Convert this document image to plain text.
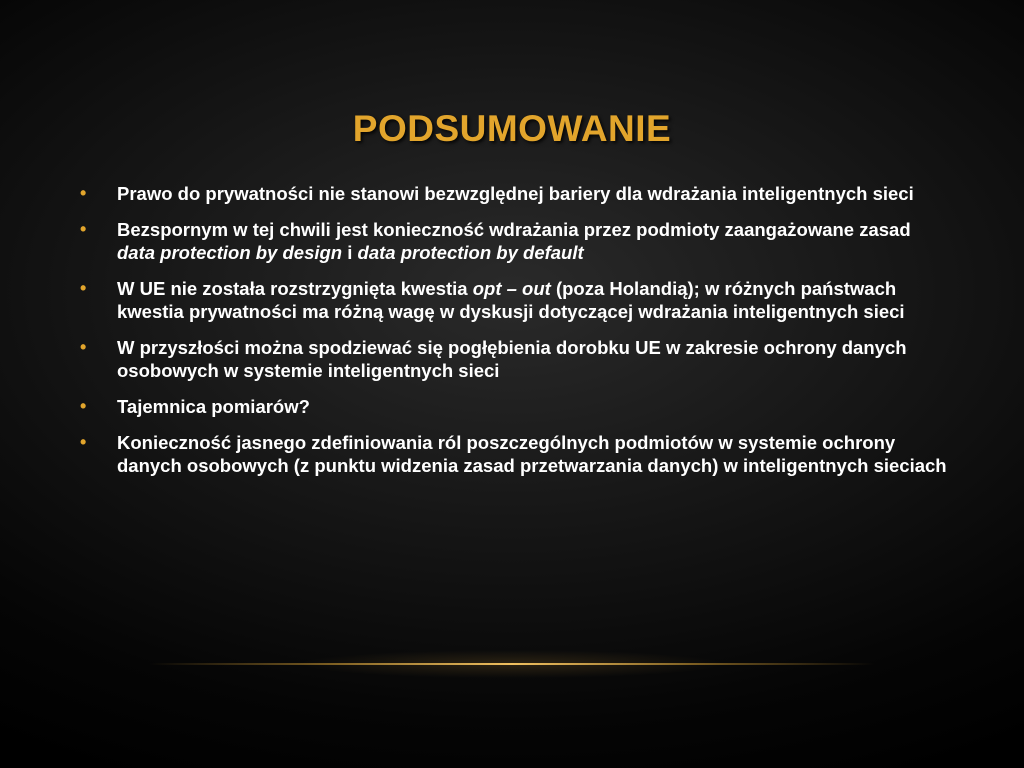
PODSUMOWANIE
• Prawo do prywatności nie stanowi bezwzględnej bariery dla wdrażania inteligentnych sieci
• Bezspornym w tej chwili jest konieczność wdrażania przez podmioty zaangażowane zasad data protection by design i data protection by default
• W UE nie została rozstrzygnięta kwestia opt – out (poza Holandią); w różnych państwach kwestia prywatności ma różną wagę w dyskusji dotyczącej wdrażania inteligentnych sieci
• W przyszłości można spodziewać się pogłębienia dorobku UE w zakresie ochrony danych osobowych w systemie inteligentnych sieci
• Tajemnica pomiarów?
• Konieczność jasnego zdefiniowania ról poszczególnych podmiotów w systemie ochrony danych osobowych (z punktu widzenia zasad przetwarzania danych) w inteligentnych sieciach
